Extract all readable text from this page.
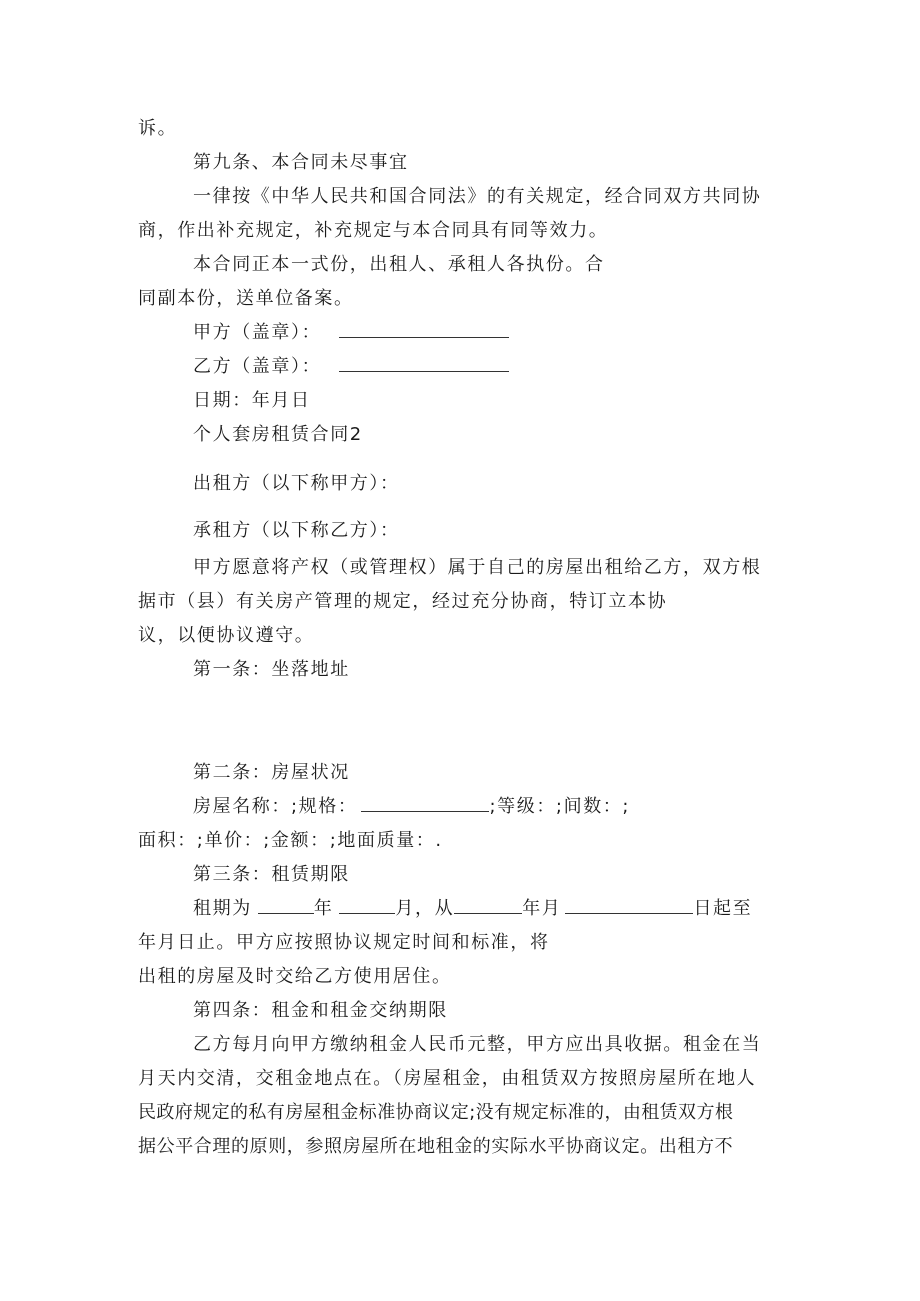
诉。
第九条、本合同未尽事宜
一律按《中华人民共和国合同法》的有关规定，经合同双方共同协
商，作出补充规定，补充规定与本合同具有同等效力。
本合同正本一式份，出租人、承租人各执份。合
同副本份，送单位备案。
甲方（盖章）：
乙方（盖章）：
日期：年月日
个人套房租赁合同2
出租方（以下称甲方）：
承租方（以下称乙方）：
甲方愿意将产权（或管理权）属于自己的房屋出租给乙方，双方根
据市（县）有关房产管理的规定，经过充分协商，特订立本协
议，以便协议遵守。
第一条：坐落地址
第二条：房屋状况
房屋名称：;规格：	;等级：;间数：;
面积：;单价：;金额：;地面质量：.
第三条：租赁期限
租期为	年	月，从	年月	日起至
年月日止。甲方应按照协议规定时间和标准，将
出租的房屋及时交给乙方使用居住。
第四条：租金和租金交纳期限
乙方每月向甲方缴纳租金人民币元整，甲方应出具收据。租金在当
月天内交清，交租金地点在。（房屋租金，由租赁双方按照房屋所在地人
民政府规定的私有房屋租金标准协商议定;没有规定标准的，由租赁双方根
据公平合理的原则，参照房屋所在地租金的实际水平协商议定。出租方不
